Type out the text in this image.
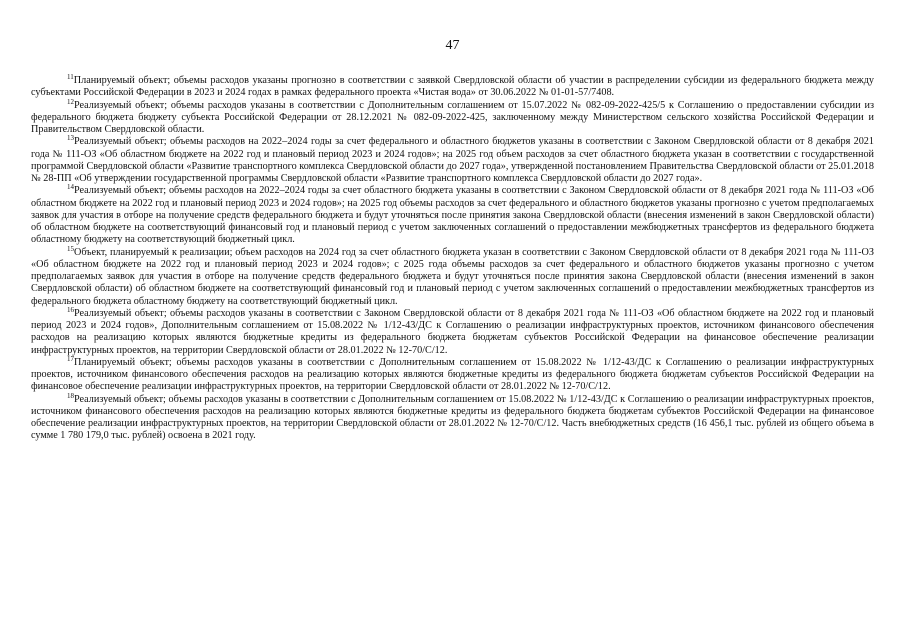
47

$^{11}$Планируемый объект; объемы расходов указаны прогнозно в соответствии с заявкой Свердловской области об участии в распределении субсидии из федерального бюджета между субъектами Российской Федерации в 2023 и 2024 годах в рамках федерального проекта «Чистая вода» от 30.06.2022 № 01-01-57/7408.

$^{12}$Реализуемый объект; объемы расходов указаны в соответствии с Дополнительным соглашением от 15.07.2022 № 082-09-2022-425/5 к Соглашению о предоставлении субсидии из федерального бюджета бюджету субъекта Российской Федерации от 28.12.2021 № 082-09-2022-425, заключенному между Министерством сельского хозяйства Российской Федерации и Правительством Свердловской области.

$^{13}$Реализуемый объект; объемы расходов на 2022–2024 годы за счет федерального и областного бюджетов указаны в соответствии с Законом Свердловской области от 8 декабря 2021 года № 111-ОЗ «Об областном бюджете на 2022 год и плановый период 2023 и 2024 годов»; на 2025 год объем расходов за счет областного бюджета указан в соответствии с государственной программой Свердловской области «Развитие транспортного комплекса Свердловской области до 2027 года», утвержденной постановлением Правительства Свердловской области от 25.01.2018 № 28-ПП «Об утверждении государственной программы Свердловской области «Развитие транспортного комплекса Свердловской области до 2027 года».

$^{14}$Реализуемый объект; объемы расходов на 2022–2024 годы за счет областного бюджета указаны в соответствии с Законом Свердловской области от 8 декабря 2021 года № 111-ОЗ «Об областном бюджете на 2022 год и плановый период 2023 и 2024 годов»; на 2025 год объемы расходов за счет федерального и областного бюджетов указаны прогнозно с учетом предполагаемых заявок для участия в отборе на получение средств федерального бюджета и будут уточняться после принятия закона Свердловской области (внесения изменений в закон Свердловской области) об областном бюджете на соответствующий финансовый год и плановый период с учетом заключенных соглашений о предоставлении межбюджетных трансфертов из федерального бюджета областному бюджету на соответствующий бюджетный цикл.

$^{15}$Объект, планируемый к реализации; объем расходов на 2024 год за счет областного бюджета указан в соответствии с Законом Свердловской области от 8 декабря 2021 года № 111-ОЗ «Об областном бюджете на 2022 год и плановый период 2023 и 2024 годов»; с 2025 года объемы расходов за счет федерального и областного бюджетов указаны прогнозно с учетом предполагаемых заявок для участия в отборе на получение средств федерального бюджета и будут уточняться после принятия закона Свердловской области (внесения изменений в закон Свердловской области) об областном бюджете на соответствующий финансовый год и плановый период с учетом заключенных соглашений о предоставлении межбюджетных трансфертов из федерального бюджета областному бюджету на соответствующий бюджетный цикл.

$^{16}$Реализуемый объект; объемы расходов указаны в соответствии с Законом Свердловской области от 8 декабря 2021 года № 111-ОЗ «Об областном бюджете на 2022 год и плановый период 2023 и 2024 годов», Дополнительным соглашением от 15.08.2022 № 1/12-43/ДС к Соглашению о реализации инфраструктурных проектов, источником финансового обеспечения расходов на реализацию которых являются бюджетные кредиты из федерального бюджета бюджетам субъектов Российской Федерации на финансовое обеспечение реализации инфраструктурных проектов, на территории Свердловской области от 28.01.2022 № 12-70/С/12.

$^{17}$Планируемый объект; объемы расходов указаны в соответствии с Дополнительным соглашением от 15.08.2022 № 1/12-43/ДС к Соглашению о реализации инфраструктурных проектов, источником финансового обеспечения расходов на реализацию которых являются бюджетные кредиты из федерального бюджета бюджетам субъектов Российской Федерации на финансовое обеспечение реализации инфраструктурных проектов, на территории Свердловской области от 28.01.2022 № 12-70/С/12.

$^{18}$Реализуемый объект; объемы расходов указаны в соответствии с Дополнительным соглашением от 15.08.2022 № 1/12-43/ДС к Соглашению о реализации инфраструктурных проектов, источником финансового обеспечения расходов на реализацию которых являются бюджетные кредиты из федерального бюджета бюджетам субъектов Российской Федерации на финансовое обеспечение реализации инфраструктурных проектов, на территории Свердловской области от 28.01.2022 № 12-70/С/12. Часть внебюджетных средств (16 456,1 тыс. рублей из общего объема в сумме 1 780 179,0 тыс. рублей) освоена в 2021 году.
